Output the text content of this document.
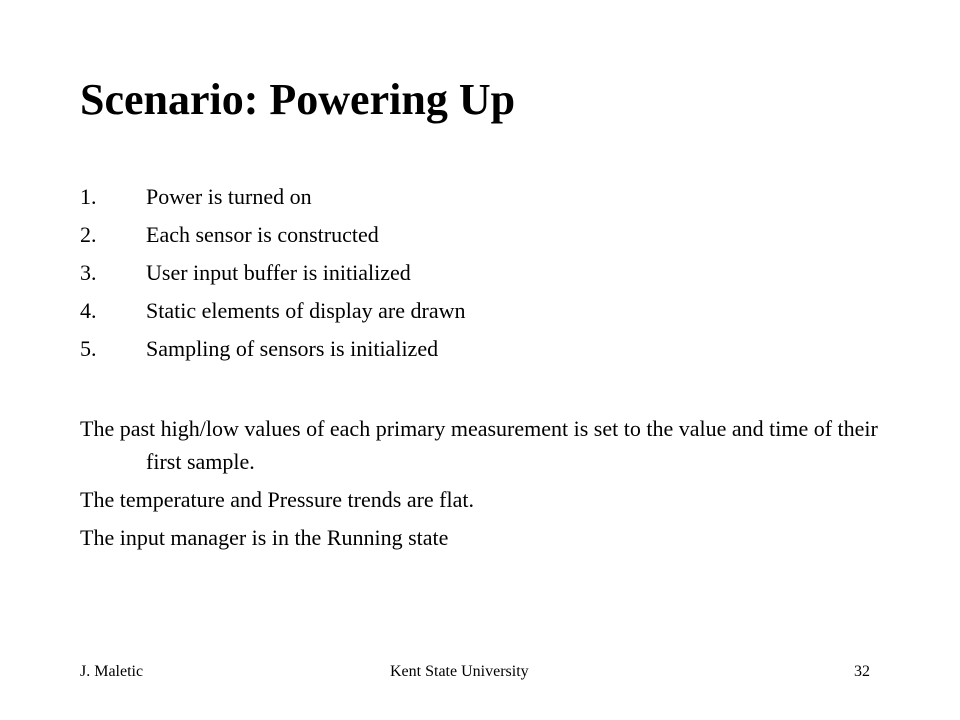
Scenario: Powering Up
1.	Power is turned on
2.	Each sensor is constructed
3.	User input buffer is initialized
4.	Static elements of display are drawn
5.	Sampling of sensors is initialized

The past high/low values of each primary measurement is set to the value and time of their first sample.

The temperature and Pressure trends are flat.

The input manager is in the Running state

J. Maletic	Kent State University	32
